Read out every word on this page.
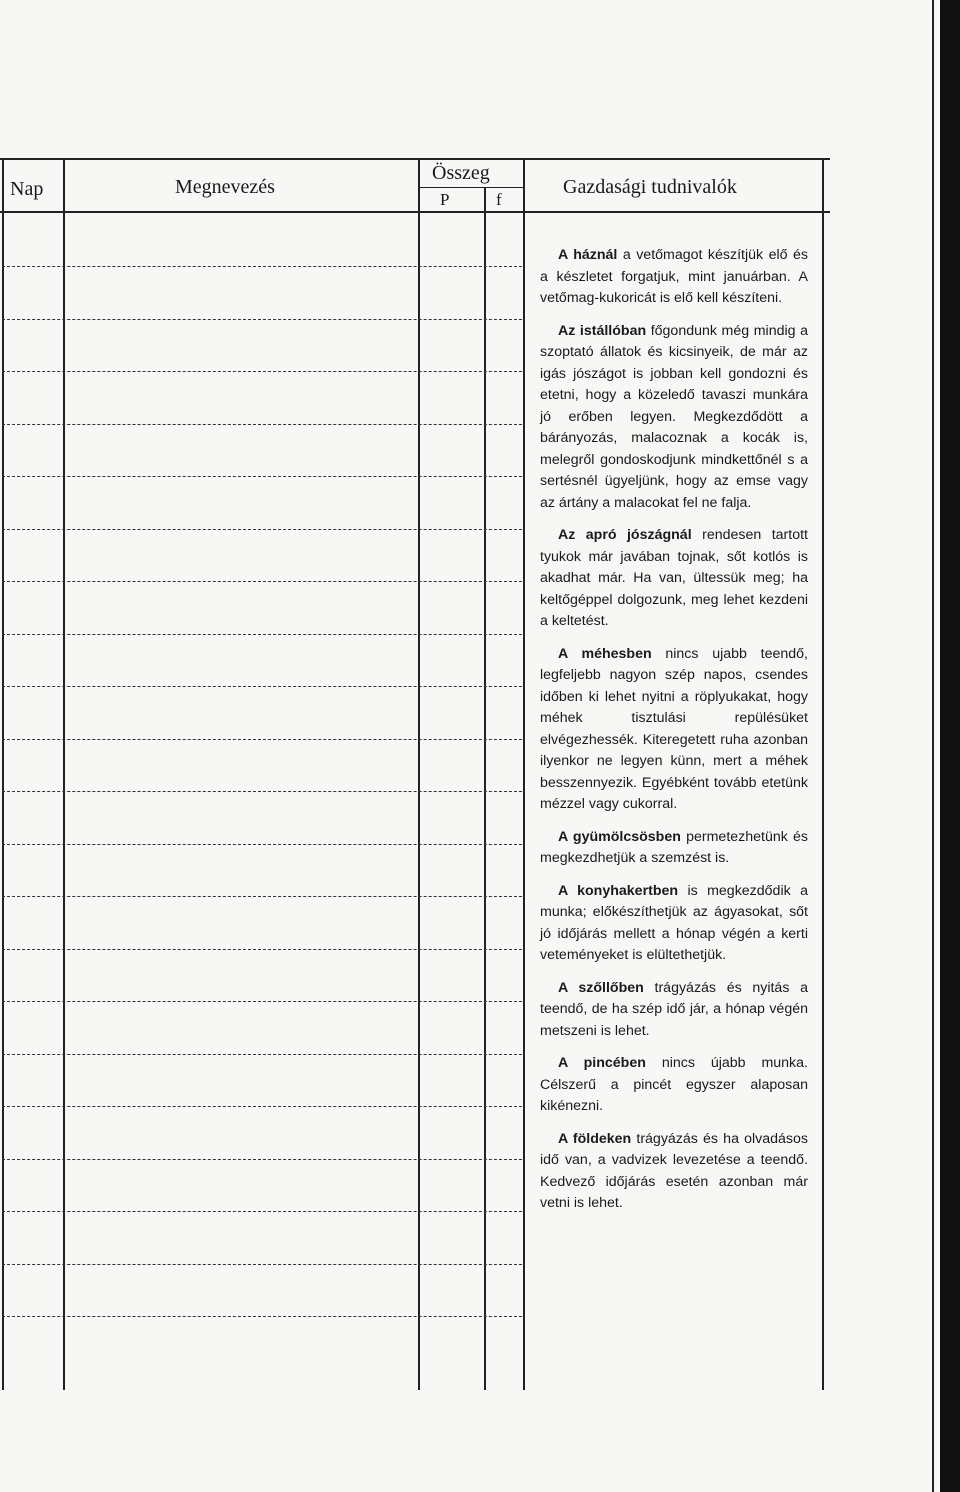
Nap	Megnevezés
Összeg
P	f
Gazdasági tudnivalók

A háznál a vetőmagot készítjük elő és a készletet forgatjuk, mint januárban. A vetőmag-kukoricát is elő kell készíteni.

Az istállóban főgondunk még mindig a szoptató állatok és kicsinyeik, de már az igás jószágot is jobban kell gondozni és etetni, hogy a közeledő tavaszi munkára jó erőben legyen. Megkezdődött a bárányozás, malacoznak a kocák is, melegről gondoskodjunk mindkettőnél s a sertésnél ügyeljünk, hogy az emse vagy az ártány a malacokat fel ne falja.

Az apró jószágnál rendesen tartott tyukok már javában tojnak, sőt kotlós is akadhat már. Ha van, ültessük meg; ha keltőgéppel dolgozunk, meg lehet kezdeni a keltetést.

A méhesben nincs ujabb teendő, legfeljebb nagyon szép napos, csendes időben ki lehet nyitni a röplyukakat, hogy méhek tisztulási repülésüket elvégezhessék. Kiteregetett ruha azonban ilyenkor ne legyen künn, mert a méhek besszennyezik. Egyébként tovább etetünk mézzel vagy cukorral.

A gyümölcsösben permetezhetünk és megkezdhetjük a szemzést is.

A konyhakertben is megkezdődik a munka; előkészíthetjük az ágyasokat, sőt jó időjárás mellett a hónap végén a kerti veteményeket is elültethetjük.

A szőllőben trágyázás és nyitás a teendő, de ha szép idő jár, a hónap végén metszeni is lehet.

A pincében nincs újabb munka. Célszerű a pincét egyszer alaposan kikénezni.

A földeken trágyázás és ha olvadásos idő van, a vadvizek levezetése a teendő. Kedvező időjárás esetén azonban már vetni is lehet.
